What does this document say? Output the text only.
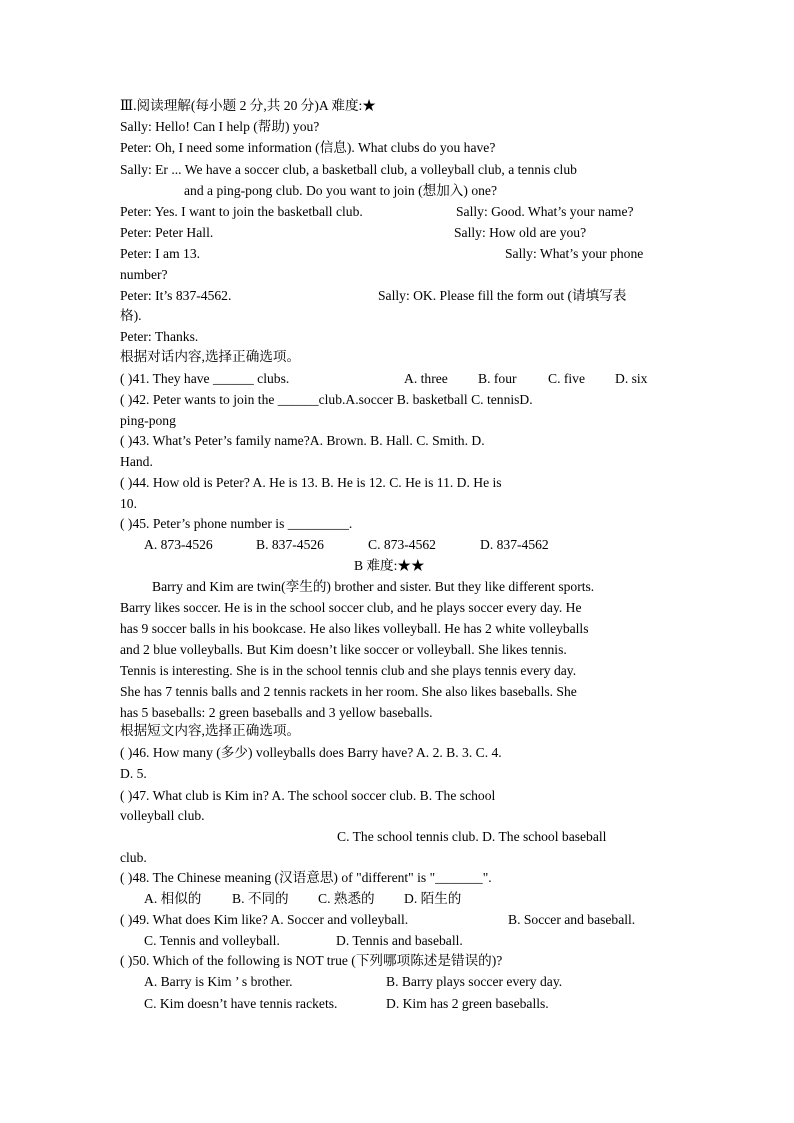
Ⅲ.阅读理解(每小题 2 分,共 20 分)A 难度:★
Sally: Hello! Can I help (帮助) you?
Peter: Oh, I need some information (信息). What clubs do you have?
Sally: Er ... We have a soccer club, a basketball club, a volleyball club, a tennis club
and a ping-pong club. Do you want to join (想加入) one?
Peter: Yes. I want to join the basketball club.	Sally: Good. What’s your name?
Peter: Peter Hall.	Sally: How old are you?
Peter: I am 13.	Sally: What’s your phone
number?
Peter: It’s 837-4562.	Sally: OK. Please fill the form out (请填写表
格).
Peter: Thanks.
根据对话内容,选择正确选项。
( )41. They have ______ clubs.	A. three B. four C. five D. six
( )42. Peter wants to join the ______club.A.soccer B. basketball C. tennisD.
ping-pong
( )43. What’s Peter’s family name?A. Brown. B. Hall. C. Smith. D.
Hand.
( )44. How old is Peter? A. He is 13. B. He is 12. C. He is 11. D. He is
10.
( )45. Peter’s phone number is _________.
A. 873-4526	B. 837-4526	C. 873-4562	D. 837-4562
B 难度:★★
Barry and Kim are twin(孪生的) brother and sister. But they like different sports.
Barry likes soccer. He is in the school soccer club, and he plays soccer every day. He
has 9 soccer balls in his bookcase. He also likes volleyball. He has 2 white volleyballs
and 2 blue volleyballs. But Kim doesn’t like soccer or volleyball. She likes tennis.
Tennis is interesting. She is in the school tennis club and she plays tennis every day.
She has 7 tennis balls and 2 tennis rackets in her room. She also likes baseballs. She
has 5 baseballs: 2 green baseballs and 3 yellow baseballs.
根据短文内容,选择正确选项。
( )46. How many (多少) volleyballs does Barry have? A. 2. B. 3. C. 4.
D. 5.
( )47. What club is Kim in? A. The school soccer club. B. The school
volleyball club.
C. The school tennis club. D. The school baseball
club.
( )48. The Chinese meaning (汉语意思) of "different" is "_______".
A. 相似的 B. 不同的 C. 熟悉的 D. 陌生的
( )49. What does Kim like? A. Soccer and volleyball.	B. Soccer and baseball.
C. Tennis and volleyball.	D. Tennis and baseball.
( )50. Which of the following is NOT true (下列哪项陈述是错误的)?
A. Barry is Kim ’ s brother.	B. Barry plays soccer every day.
C. Kim doesn’t have tennis rackets.	D. Kim has 2 green baseballs.
